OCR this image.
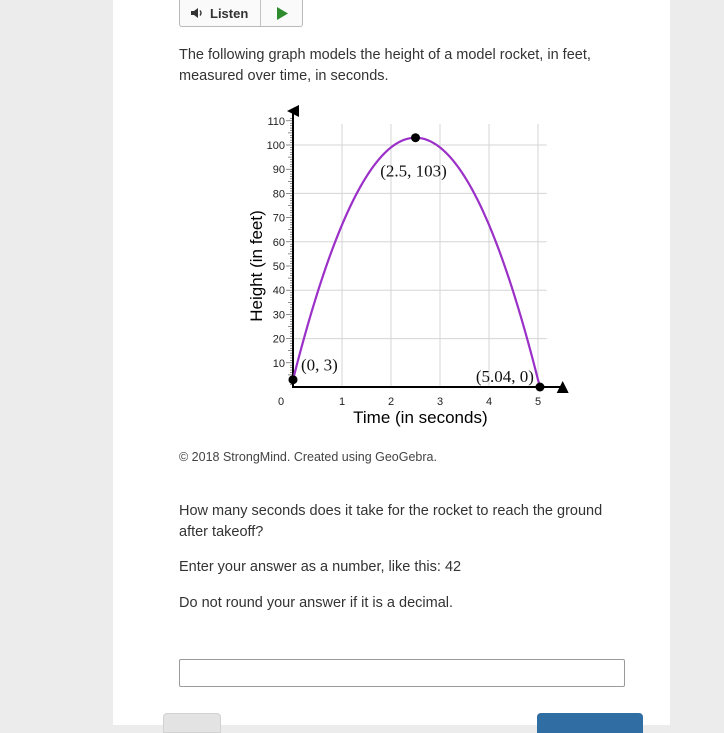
Listen
The following graph models the height of a model rocket, in feet, measured over time, in seconds.
10
20
30
40
50
60
70
80
90
100
110
0	1	2	3	4	5
Time (in seconds)
Height (in feet)
(0, 3)
(2.5, 103)
(5.04, 0)
© 2018 StrongMind. Created using GeoGebra.
How many seconds does it take for the rocket to reach the ground after takeoff?
Enter your answer as a number, like this: 42
Do not round your answer if it is a decimal.
